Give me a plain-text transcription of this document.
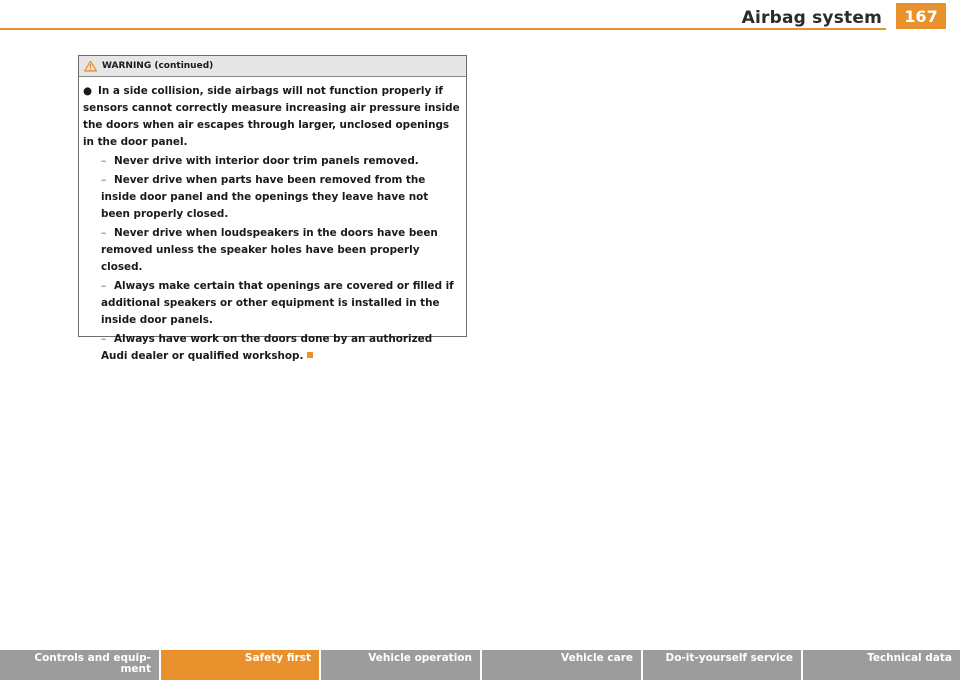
Airbag system	167
WARNING (continued)

● In a side collision, side airbags will not function properly if sensors cannot correctly measure increasing air pressure inside the doors when air escapes through larger, unclosed openings in the door panel.

– Never drive with interior door trim panels removed.

– Never drive when parts have been removed from the inside door panel and the openings they leave have not been properly closed.

– Never drive when loudspeakers in the doors have been removed unless the speaker holes have been properly closed.

– Always make certain that openings are covered or filled if additional speakers or other equipment is installed in the inside door panels.

– Always have work on the doors done by an authorized Audi dealer or qualified workshop.

Controls and equip-
ment
Safety first	Vehicle operation	Vehicle care	Do-it-yourself service	Technical data
